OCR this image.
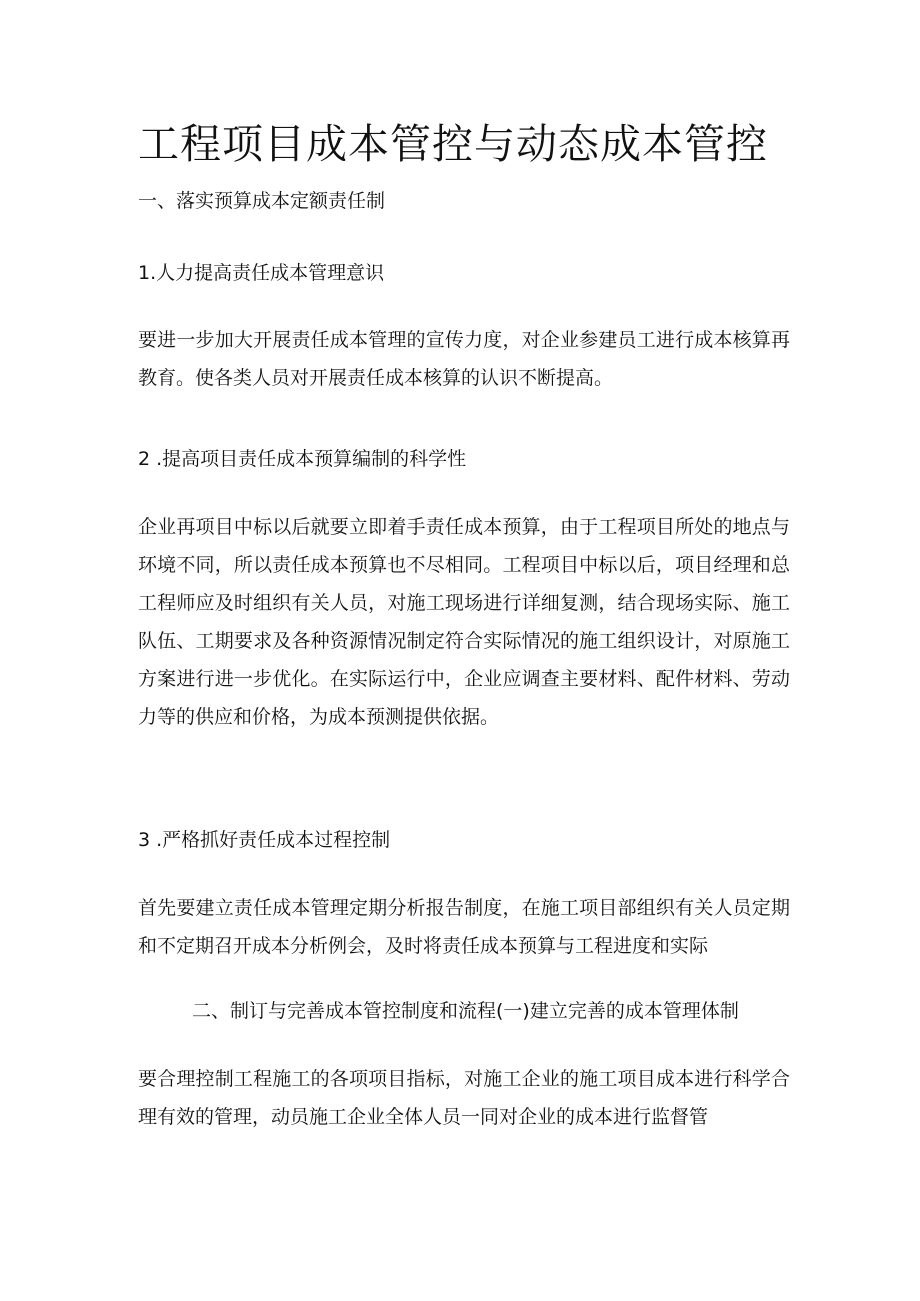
工程项目成本管控与动态成本管控

一、落实预算成本定额责任制

1.人力提高责任成本管理意识

要进一步加大开展责任成本管理的宣传力度，对企业参建员工进行成本核算再教育。使各类人员对开展责任成本核算的认识不断提高。

2 .提高项目责任成本预算编制的科学性

企业再项目中标以后就要立即着手责任成本预算，由于工程项目所处的地点与环境不同，所以责任成本预算也不尽相同。工程项目中标以后，项目经理和总工程师应及时组织有关人员，对施工现场进行详细复测，结合现场实际、施工队伍、工期要求及各种资源情况制定符合实际情况的施工组织设计，对原施工方案进行进一步优化。在实际运行中，企业应调查主要材料、配件材料、劳动力等的供应和价格，为成本预测提供依据。

3 .严格抓好责任成本过程控制

首先要建立责任成本管理定期分析报告制度，在施工项目部组织有关人员定期和不定期召开成本分析例会，及时将责任成本预算与工程进度和实际

二、制订与完善成本管控制度和流程(一)建立完善的成本管理体制

要合理控制工程施工的各项项目指标，对施工企业的施工项目成本进行科学合理有效的管理，动员施工企业全体人员一同对企业的成本进行监督管
